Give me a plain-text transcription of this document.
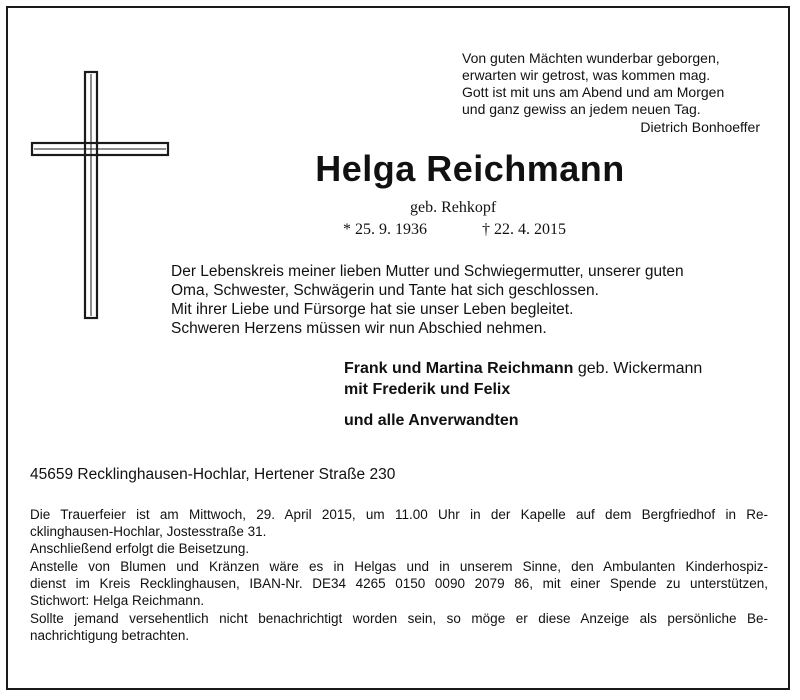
Von guten Mächten wunderbar geborgen,
erwarten wir getrost, was kommen mag.
Gott ist mit uns am Abend und am Morgen
und ganz gewiss an jedem neuen Tag.
Dietrich Bonhoeffer
Helga Reichmann
geb. Rehkopf
* 25. 9. 1936	† 22. 4. 2015
Der Lebenskreis meiner lieben Mutter und Schwiegermutter, unserer guten
Oma, Schwester, Schwägerin und Tante hat sich geschlossen.
Mit ihrer Liebe und Fürsorge hat sie unser Leben begleitet.
Schweren Herzens müssen wir nun Abschied nehmen.
Frank und Martina Reichmann geb. Wickermann
mit Frederik und Felix
und alle Anverwandten
45659 Recklinghausen-Hochlar, Hertener Straße 230
Die Trauerfeier ist am Mittwoch, 29. April 2015, um 11.00 Uhr in der Kapelle auf dem Bergfriedhof in Re-
cklinghausen-Hochlar, Jostesstraße 31.
Anschließend erfolgt die Beisetzung.
Anstelle von Blumen und Kränzen wäre es in Helgas und in unserem Sinne, den Ambulanten Kinderhospiz-
dienst im Kreis Recklinghausen, IBAN-Nr. DE34 4265 0150 0090 2079 86, mit einer Spende zu unterstützen,
Stichwort: Helga Reichmann.
Sollte jemand versehentlich nicht benachrichtigt worden sein, so möge er diese Anzeige als persönliche Be-
nachrichtigung betrachten.
